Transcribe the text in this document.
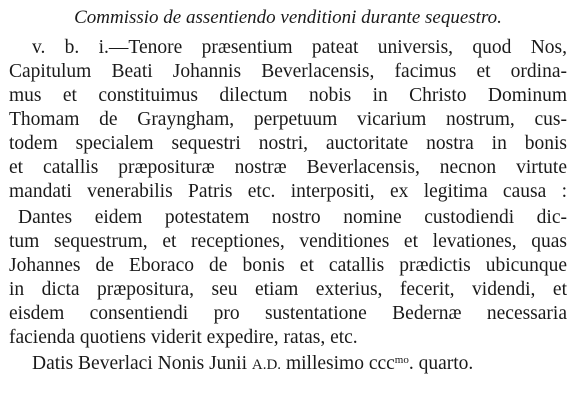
Commissio de assentiendo venditioni durante sequestro.
v. b. i.—Tenore præsentium pateat universis, quod Nos,
Capitulum Beati Johannis Beverlacensis, facimus et ordina-
mus et constituimus dilectum nobis in Christo Dominum
Thomam de Grayngham, perpetuum vicarium nostrum, cus-
todem specialem sequestri nostri, auctoritate nostra in bonis
et catallis præposituræ nostræ Beverlacensis, necnon virtute
mandati venerabilis Patris etc. interpositi, ex legitima causa :
Dantes eidem potestatem nostro nomine custodiendi dic-
tum sequestrum, et receptiones, venditiones et levationes, quas
Johannes de Eboraco de bonis et catallis prædictis ubicunque
in dicta præpositura, seu etiam exterius, fecerit, videndi, et
eisdem consentiendi pro sustentatione Bedernæ necessaria
facienda quotiens viderit expedire, ratas, etc.
Datis Beverlaci Nonis Junii A.D. millesimo ccc$^{mo}$. quarto.
